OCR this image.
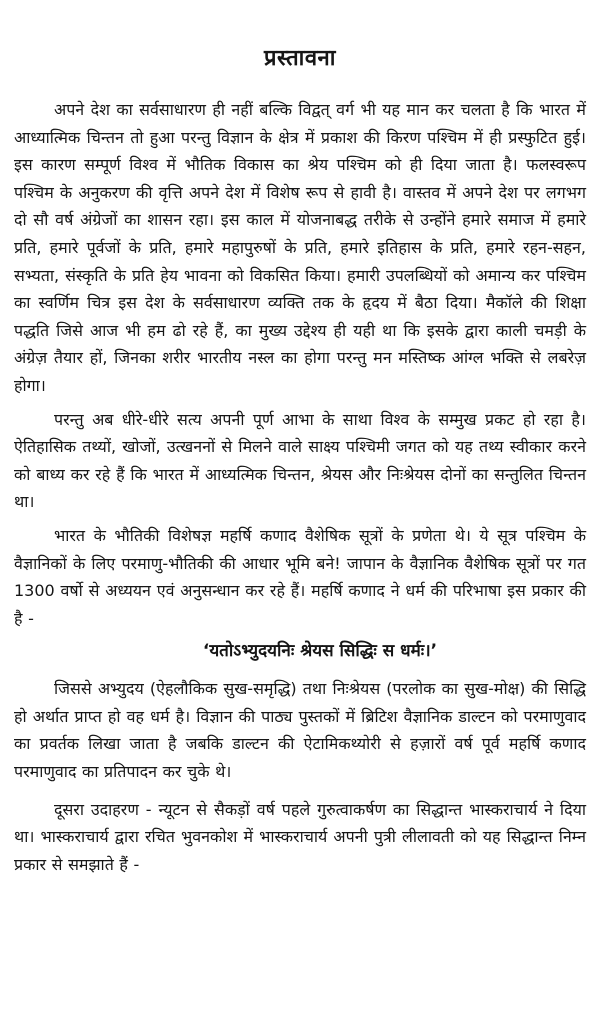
प्रस्तावना

अपने देश का सर्वसाधारण ही नहीं बल्कि विद्वत् वर्ग भी यह मान कर चलता है कि भारत में आध्यात्मिक चिन्तन तो हुआ परन्तु विज्ञान के क्षेत्र में प्रकाश की किरण पश्चिम में ही प्रस्फुटित हुई। इस कारण सम्पूर्ण विश्व में भौतिक विकास का श्रेय पश्चिम को ही दिया जाता है। फलस्वरूप पश्चिम के अनुकरण की वृत्ति अपने देश में विशेष रूप से हावी है। वास्तव में अपने देश पर लगभग दो सौ वर्ष अंग्रेजों का शासन रहा। इस काल में योजनाबद्ध तरीके से उन्होंने हमारे समाज में हमारे प्रति, हमारे पूर्वजों के प्रति, हमारे महापुरुषों के प्रति, हमारे इतिहास के प्रति, हमारे रहन-सहन, सभ्यता, संस्कृति के प्रति हेय भावना को विकसित किया। हमारी उपलब्धियों को अमान्य कर पश्चिम का स्वर्णिम चित्र इस देश के सर्वसाधारण व्यक्ति तक के हृदय में बैठा दिया। मैकॉले की शिक्षा पद्धति जिसे आज भी हम ढो रहे हैं, का मुख्य उद्देश्य ही यही था कि इसके द्वारा काली चमड़ी के अंग्रेज़ तैयार हों, जिनका शरीर भारतीय नस्ल का होगा परन्तु मन मस्तिष्क आंग्ल भक्ति से लबरेज़ होगा।

परन्तु अब धीरे-धीरे सत्य अपनी पूर्ण आभा के साथा विश्व के सम्मुख प्रकट हो रहा है। ऐतिहासिक तथ्यों, खोजों, उत्खननों से मिलने वाले साक्ष्य पश्चिमी जगत को यह तथ्य स्वीकार करने को बाध्य कर रहे हैं कि भारत में आध्यत्मिक चिन्तन, श्रेयस और निःश्रेयस दोनों का सन्तुलित चिन्तन था।

भारत के भौतिकी विशेषज्ञ महर्षि कणाद वैशेषिक सूत्रों के प्रणेता थे। ये सूत्र पश्चिम के वैज्ञानिकों के लिए परमाणु-भौतिकी की आधार भूमि बने! जापान के वैज्ञानिक वैशेषिक सूत्रों पर गत 1300 वर्षो से अध्ययन एवं अनुसन्धान कर रहे हैं। महर्षि कणाद ने धर्म की परिभाषा इस प्रकार की है -

‘यतोऽभ्युदयनिः श्रेयस सिद्धिः स धर्मः।’

जिससे अभ्युदय (ऐहलौकिक सुख-समृद्धि) तथा निःश्रेयस (परलोक का सुख-मोक्ष) की सिद्धि हो अर्थात प्राप्त हो वह धर्म है। विज्ञान की पाठ्य पुस्तकों में ब्रिटिश वैज्ञानिक डाल्टन को परमाणुवाद का प्रवर्तक लिखा जाता है जबकि डाल्टन की ऐटामिकथ्योरी से हज़ारों वर्ष पूर्व महर्षि कणाद परमाणुवाद का प्रतिपादन कर चुके थे।

दूसरा उदाहरण - न्यूटन से सैकड़ों वर्ष पहले गुरुत्वाकर्षण का सिद्धान्त भास्कराचार्य ने दिया था। भास्कराचार्य द्वारा रचित भुवनकोश में भास्कराचार्य अपनी पुत्री लीलावती को यह सिद्धान्त निम्न प्रकार से समझाते हैं -
